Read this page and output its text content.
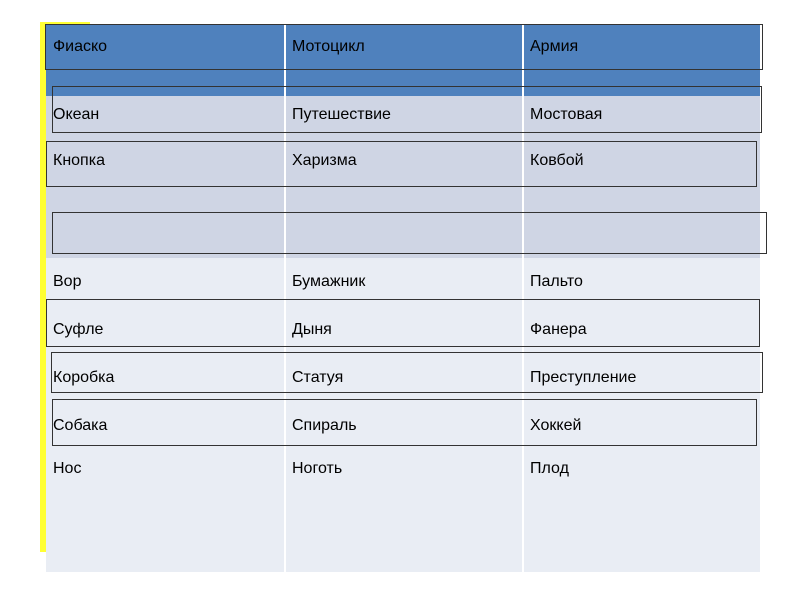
Фиаско	Мотоцикл	Армия
Океан	Путешествие	Мостовая
Кнопка	Харизма	Ковбой
Вор	Бумажник	Пальто
Суфле	Дыня	Фанера
Коробка	Статуя	Преступление
Собака	Спираль	Хоккей
Нос	Ноготь	Плод
